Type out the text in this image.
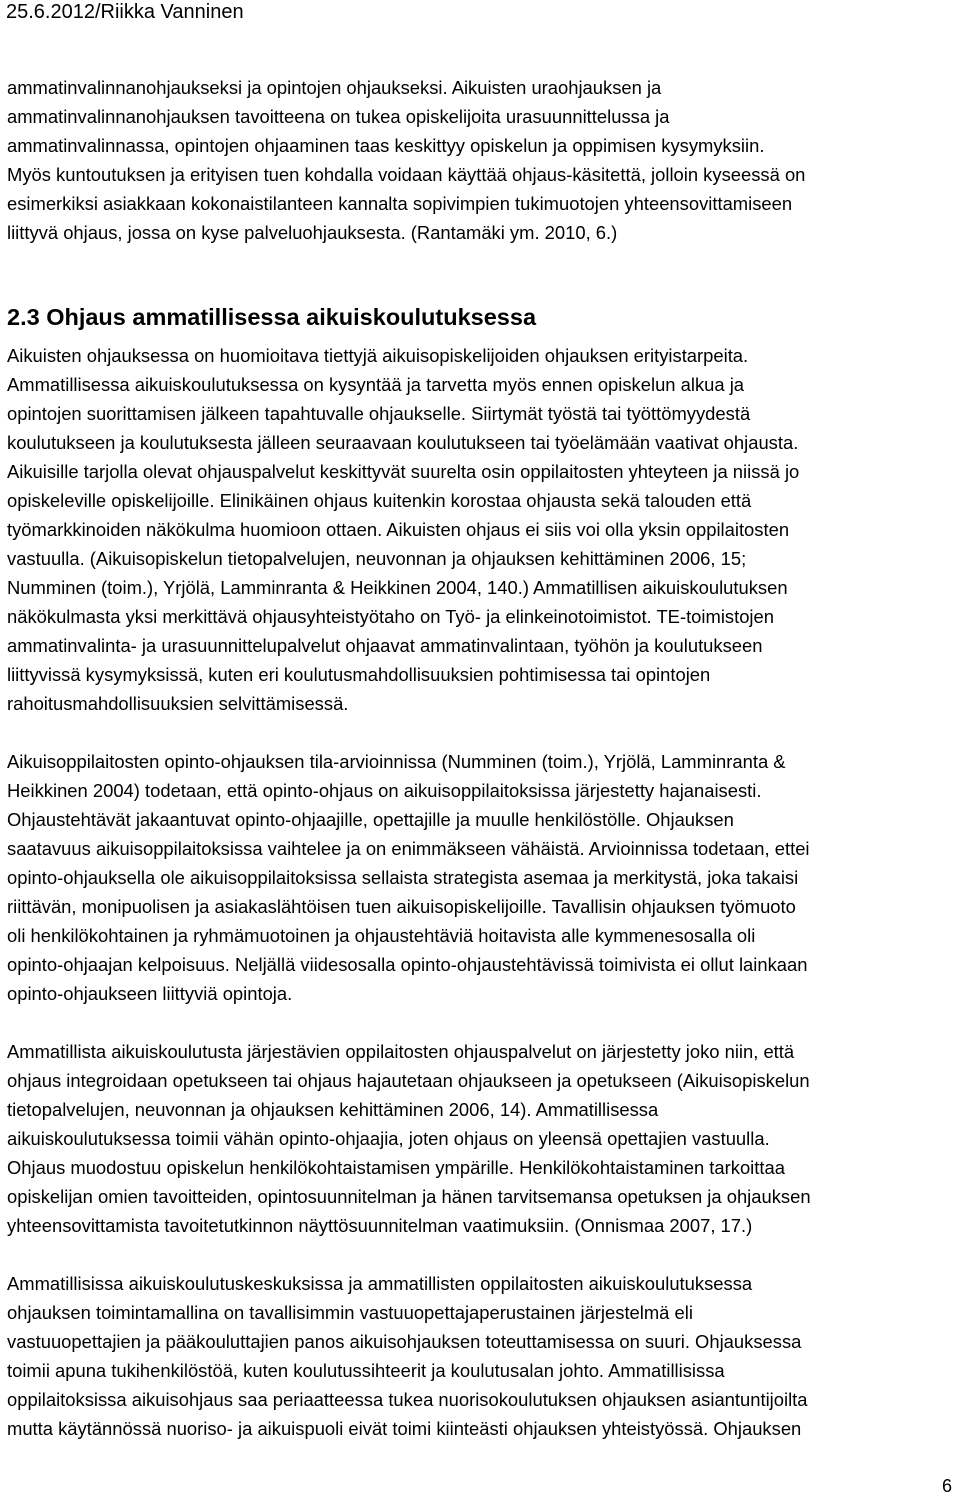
25.6.2012/Riikka Vanninen
ammatinvalinnanohjaukseksi ja opintojen ohjaukseksi. Aikuisten uraohjauksen ja
ammatinvalinnanohjauksen tavoitteena on tukea opiskelijoita urasuunnittelussa ja
ammatinvalinnassa, opintojen ohjaaminen taas keskittyy opiskelun ja oppimisen kysymyksiin.
Myös kuntoutuksen ja erityisen tuen kohdalla voidaan käyttää ohjaus-käsitettä, jolloin kyseessä on
esimerkiksi asiakkaan kokonaistilanteen kannalta sopivimpien tukimuotojen yhteensovittamiseen
liittyvä ohjaus, jossa on kyse palveluohjauksesta. (Rantamäki ym. 2010, 6.)
2.3 Ohjaus ammatillisessa aikuiskoulutuksessa
Aikuisten ohjauksessa on huomioitava tiettyjä aikuisopiskelijoiden ohjauksen erityistarpeita.
Ammatillisessa aikuiskoulutuksessa on kysyntää ja tarvetta myös ennen opiskelun alkua ja
opintojen suorittamisen jälkeen tapahtuvalle ohjaukselle. Siirtymät työstä tai työttömyydestä
koulutukseen ja koulutuksesta jälleen seuraavaan koulutukseen tai työelämään vaativat ohjausta.
Aikuisille tarjolla olevat ohjauspalvelut keskittyvät suurelta osin oppilaitosten yhteyteen ja niissä jo
opiskeleville opiskelijoille. Elinikäinen ohjaus kuitenkin korostaa ohjausta sekä talouden että
työmarkkinoiden näkökulma huomioon ottaen. Aikuisten ohjaus ei siis voi olla yksin oppilaitosten
vastuulla. (Aikuisopiskelun tietopalvelujen, neuvonnan ja ohjauksen kehittäminen 2006, 15;
Numminen (toim.), Yrjölä, Lamminranta & Heikkinen 2004, 140.) Ammatillisen aikuiskoulutuksen
näkökulmasta yksi merkittävä ohjausyhteistyötaho on Työ- ja elinkeinotoimistot. TE-toimistojen
ammatinvalinta- ja urasuunnittelupalvelut ohjaavat ammatinvalintaan, työhön ja koulutukseen
liittyvissä kysymyksissä, kuten eri koulutusmahdollisuuksien pohtimisessa tai opintojen
rahoitusmahdollisuuksien selvittämisessä.
Aikuisoppilaitosten opinto-ohjauksen tila-arvioinnissa (Numminen (toim.), Yrjölä, Lamminranta &
Heikkinen 2004) todetaan, että opinto-ohjaus on aikuisoppilaitoksissa järjestetty hajanaisesti.
Ohjaustehtävät jakaantuvat opinto-ohjaajille, opettajille ja muulle henkilöstölle. Ohjauksen
saatavuus aikuisoppilaitoksissa vaihtelee ja on enimmäkseen vähäistä. Arvioinnissa todetaan, ettei
opinto-ohjauksella ole aikuisoppilaitoksissa sellaista strategista asemaa ja merkitystä, joka takaisi
riittävän, monipuolisen ja asiakaslähtöisen tuen aikuisopiskelijoille. Tavallisin ohjauksen työmuoto
oli henkilökohtainen ja ryhmämuotoinen ja ohjaustehtäviä hoitavista alle kymmenesosalla oli
opinto-ohjaajan kelpoisuus. Neljällä viidesosalla opinto-ohjaustehtävissä toimivista ei ollut lainkaan
opinto-ohjaukseen liittyviä opintoja.
Ammatillista aikuiskoulutusta järjestävien oppilaitosten ohjauspalvelut on järjestetty joko niin, että
ohjaus integroidaan opetukseen tai ohjaus hajautetaan ohjaukseen ja opetukseen (Aikuisopiskelun
tietopalvelujen, neuvonnan ja ohjauksen kehittäminen 2006, 14). Ammatillisessa
aikuiskoulutuksessa toimii vähän opinto-ohjaajia, joten ohjaus on yleensä opettajien vastuulla.
Ohjaus muodostuu opiskelun henkilökohtaistamisen ympärille. Henkilökohtaistaminen tarkoittaa
opiskelijan omien tavoitteiden, opintosuunnitelman ja hänen tarvitsemansa opetuksen ja ohjauksen
yhteensovittamista tavoitetutkinnon näyttösuunnitelman vaatimuksiin. (Onnismaa 2007, 17.)
Ammatillisissa aikuiskoulutuskeskuksissa ja ammatillisten oppilaitosten aikuiskoulutuksessa
ohjauksen toimintamallina on tavallisimmin vastuuopettajaperustainen järjestelmä eli
vastuuopettajien ja pääkouluttajien panos aikuisohjauksen toteuttamisessa on suuri. Ohjauksessa
toimii apuna tukihenkilöstöä, kuten koulutussihteerit ja koulutusalan johto. Ammatillisissa
oppilaitoksissa aikuisohjaus saa periaatteessa tukea nuorisokoulutuksen ohjauksen asiantuntijoilta
mutta käytännössä nuoriso- ja aikuispuoli eivät toimi kiinteästi ohjauksen yhteistyössä. Ohjauksen
6
